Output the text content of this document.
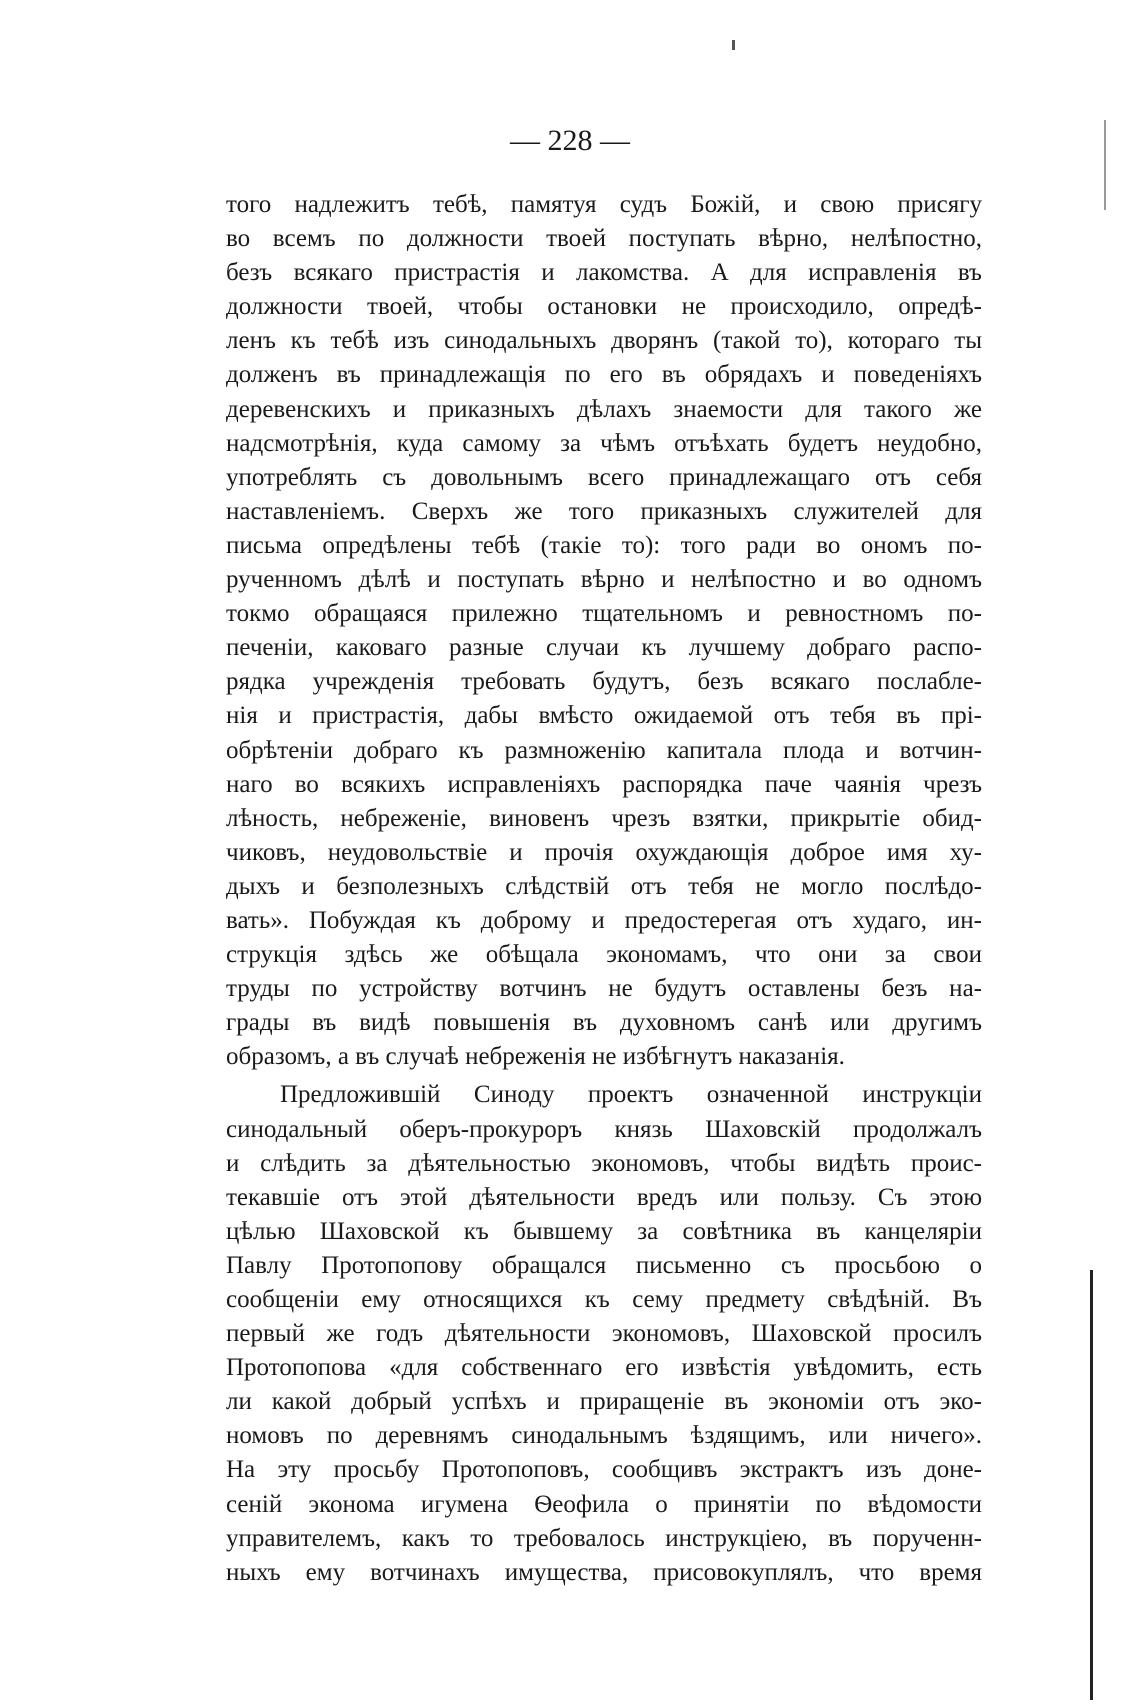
— 228 —
того надлежитъ тебѣ, памятуя судъ Божій, и свою присягу
во всемъ по должности твоей поступать вѣрно, нелѣпостно,
безъ всякаго пристрастія и лакомства. А для исправленія въ
должности твоей, чтобы остановки не происходило, опредѣ-
ленъ къ тебѣ изъ синодальныхъ дворянъ (такой то), котораго ты
долженъ въ принадлежащія по его въ обрядахъ и поведеніяхъ
деревенскихъ и приказныхъ дѣлахъ знаемости для такого же
надсмотрѣнія, куда самому за чѣмъ отъѣхать будетъ неудобно,
употреблять съ довольнымъ всего принадлежащаго отъ себя
наставленіемъ. Сверхъ же того приказныхъ служителей для
письма опредѣлены тебѣ (такіе то): того ради во ономъ по-
рученномъ дѣлѣ и поступать вѣрно и нелѣпостно и во одномъ
токмо обращаяся прилежно тщательномъ и ревностномъ по-
печеніи, каковаго разные случаи къ лучшему добраго распо-
рядка учрежденія требовать будутъ, безъ всякаго послабле-
нія и пристрастія, дабы вмѣсто ожидаемой отъ тебя въ прі-
обрѣтеніи добраго къ размноженію капитала плода и вотчин-
наго во всякихъ исправленіяхъ распорядка паче чаянія чрезъ
лѣность, небреженіе, виновенъ чрезъ взятки, прикрытіе обид-
чиковъ, неудовольствіе и прочія охуждающія доброе имя ху-
дыхъ и безполезныхъ слѣдствій отъ тебя не могло послѣдо-
вать». Побуждая къ доброму и предостерегая отъ худаго, ин-
струкція здѣсь же обѣщала экономамъ, что они за свои
труды по устройству вотчинъ не будутъ оставлены безъ на-
грады въ видѣ повышенія въ духовномъ санѣ или другимъ
образомъ, а въ случаѣ небреженія не избѣгнутъ наказанія.
Предложившій Синоду проектъ означенной инструкціи
синодальный оберъ-прокуроръ князь Шаховскій продолжалъ
и слѣдить за дѣятельностью экономовъ, чтобы видѣть проис-
текавшіе отъ этой дѣятельности вредъ или пользу. Съ этою
цѣлью Шаховской къ бывшему за совѣтника въ канцеляріи
Павлу Протопопову обращался письменно съ просьбою о
сообщеніи ему относящихся къ сему предмету свѣдѣній. Въ
первый же годъ дѣятельности экономовъ, Шаховской просилъ
Протопопова «для собственнаго его извѣстія увѣдомить, есть
ли какой добрый успѣхъ и приращеніе въ экономіи отъ эко-
номовъ по деревнямъ синодальнымъ ѣздящимъ, или ничего».
На эту просьбу Протопоповъ, сообщивъ экстрактъ изъ доне-
сеній эконома игумена Ѳеофила о принятіи по вѣдомости
управителемъ, какъ то требовалось инструкціею, въ порученн-
ныхъ ему вотчинахъ имущества, присовокуплялъ, что время
